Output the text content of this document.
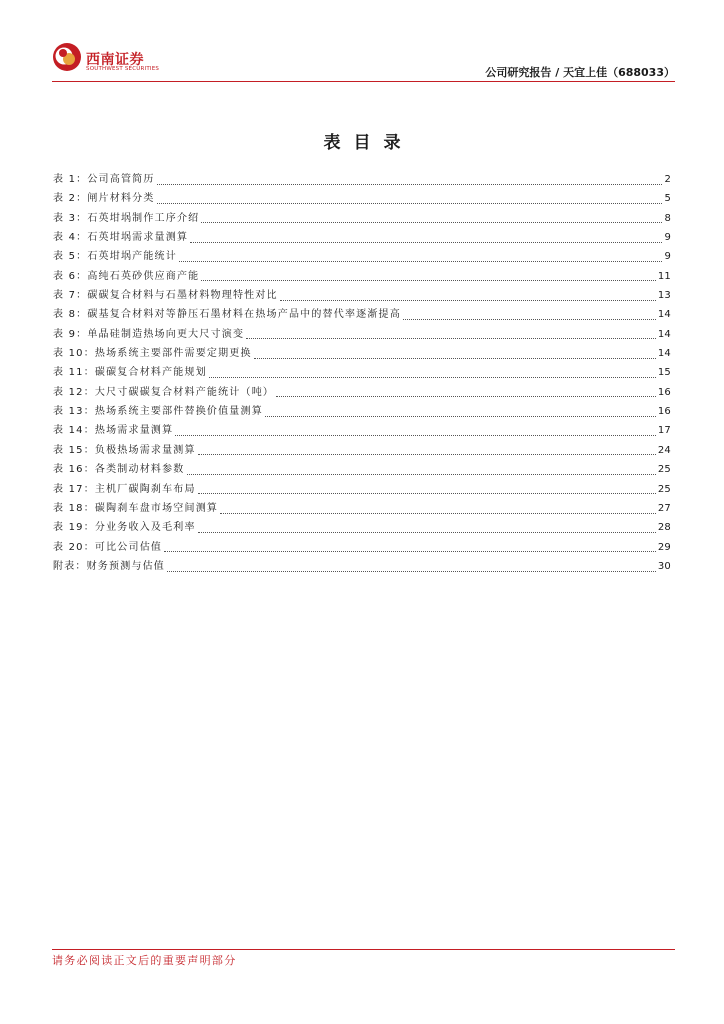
西南证券
SOUTHWEST SECURITIES	公司研究报告 / 天宜上佳（688033）
表目录
表 1：公司高管简历	2
表 2：闸片材料分类	5
表 3：石英坩埚制作工序介绍	8
表 4：石英坩埚需求量测算	9
表 5：石英坩埚产能统计	9
表 6：高纯石英砂供应商产能	11
表 7：碳碳复合材料与石墨材料物理特性对比	13
表 8：碳基复合材料对等静压石墨材料在热场产品中的替代率逐渐提高	14
表 9：单晶硅制造热场向更大尺寸演变	14
表 10：热场系统主要部件需要定期更换	14
表 11：碳碳复合材料产能规划	15
表 12：大尺寸碳碳复合材料产能统计（吨）	16
表 13：热场系统主要部件替换价值量测算	16
表 14：热场需求量测算	17
表 15：负极热场需求量测算	24
表 16：各类制动材料参数	25
表 17：主机厂碳陶刹车布局	25
表 18：碳陶刹车盘市场空间测算	27
表 19：分业务收入及毛利率	28
表 20：可比公司估值	29
附表：财务预测与估值	30
请务必阅读正文后的重要声明部分
